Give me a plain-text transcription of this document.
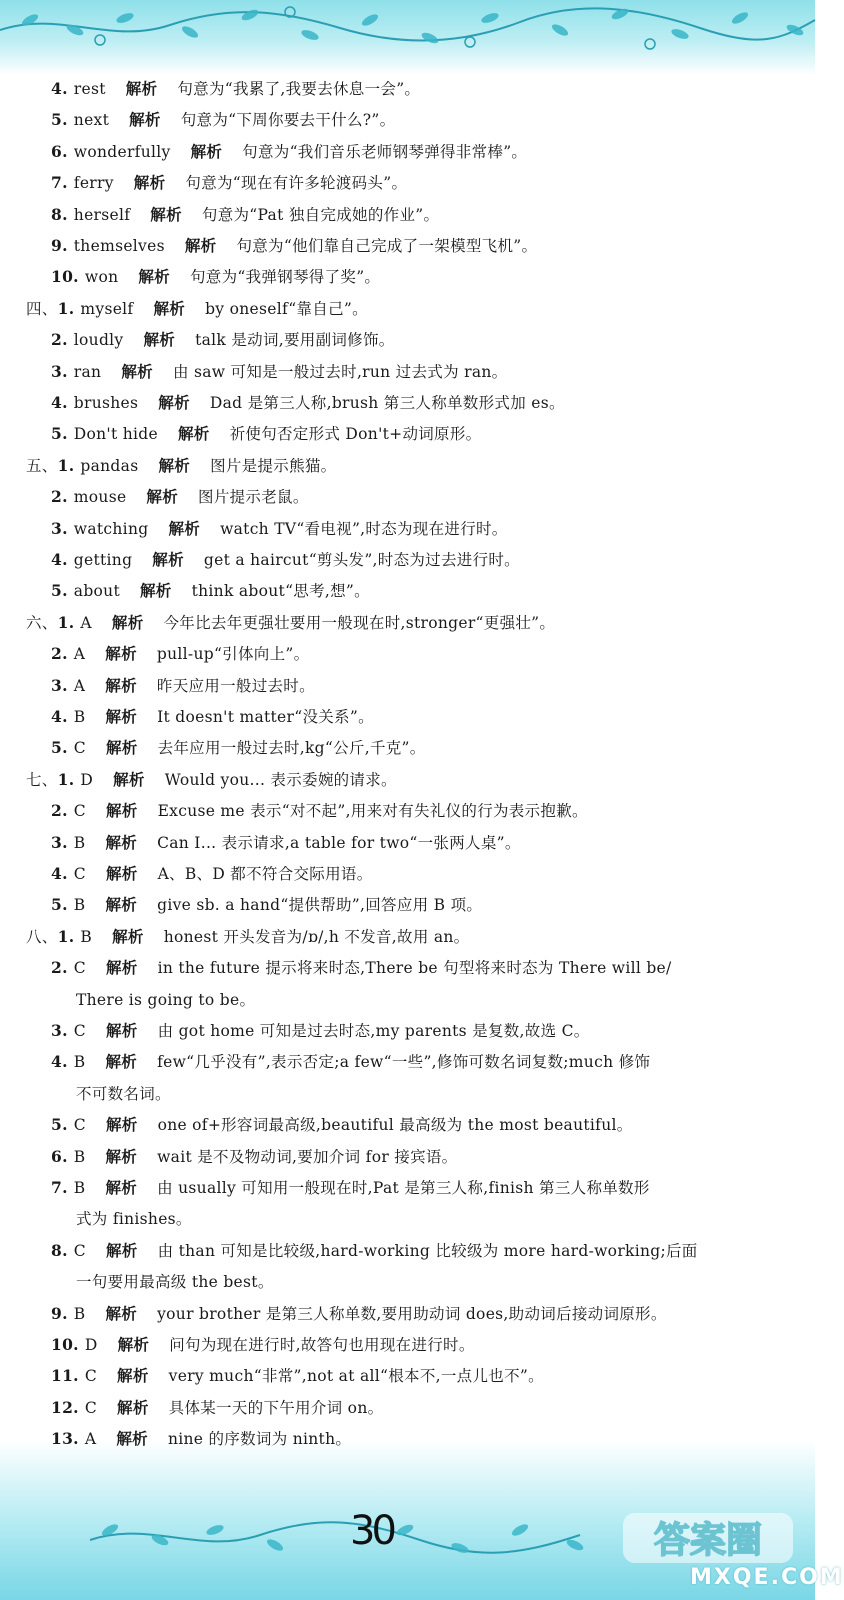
30	答案圈
MXQE.COM
4. rest 解析 句意为“我累了,我要去休息一会”。
5. next 解析 句意为“下周你要去干什么?”。
6. wonderfully 解析 句意为“我们音乐老师钢琴弹得非常棒”。
7. ferry 解析 句意为“现在有许多轮渡码头”。
8. herself 解析 句意为“Pat 独自完成她的作业”。
9. themselves 解析 句意为“他们靠自己完成了一架模型飞机”。
10. won 解析 句意为“我弹钢琴得了奖”。
四、1. myself 解析 by oneself“靠自己”。
2. loudly 解析 talk 是动词,要用副词修饰。
3. ran 解析 由 saw 可知是一般过去时,run 过去式为 ran。
4. brushes 解析 Dad 是第三人称,brush 第三人称单数形式加 es。
5. Don't hide 解析 祈使句否定形式 Don't+动词原形。
五、1. pandas 解析 图片是提示熊猫。
2. mouse 解析 图片提示老鼠。
3. watching 解析 watch TV“看电视”,时态为现在进行时。
4. getting 解析 get a haircut“剪头发”,时态为过去进行时。
5. about 解析 think about“思考,想”。
六、1. A 解析 今年比去年更强壮要用一般现在时,stronger“更强壮”。
2. A 解析 pull-up“引体向上”。
3. A 解析 昨天应用一般过去时。
4. B 解析 It doesn't matter“没关系”。
5. C 解析 去年应用一般过去时,kg“公斤,千克”。
七、1. D 解析 Would you... 表示委婉的请求。
2. C 解析 Excuse me 表示“对不起”,用来对有失礼仪的行为表示抱歉。
3. B 解析 Can I... 表示请求,a table for two“一张两人桌”。
4. C 解析 A、B、D 都不符合交际用语。
5. B 解析 give sb. a hand“提供帮助”,回答应用 B 项。
八、1. B 解析 honest 开头发音为/ɒ/,h 不发音,故用 an。
2. C 解析 in the future 提示将来时态,There be 句型将来时态为 There will be/
There is going to be。
3. C 解析 由 got home 可知是过去时态,my parents 是复数,故选 C。
4. B 解析 few“几乎没有”,表示否定;a few“一些”,修饰可数名词复数;much 修饰
不可数名词。
5. C 解析 one of+形容词最高级,beautiful 最高级为 the most beautiful。
6. B 解析 wait 是不及物动词,要加介词 for 接宾语。
7. B 解析 由 usually 可知用一般现在时,Pat 是第三人称,finish 第三人称单数形
式为 finishes。
8. C 解析 由 than 可知是比较级,hard-working 比较级为 more hard-working;后面
一句要用最高级 the best。
9. B 解析 your brother 是第三人称单数,要用助动词 does,助动词后接动词原形。
10. D 解析 问句为现在进行时,故答句也用现在进行时。
11. C 解析 very much“非常”,not at all“根本不,一点儿也不”。
12. C 解析 具体某一天的下午用介词 on。
13. A 解析 nine 的序数词为 ninth。
